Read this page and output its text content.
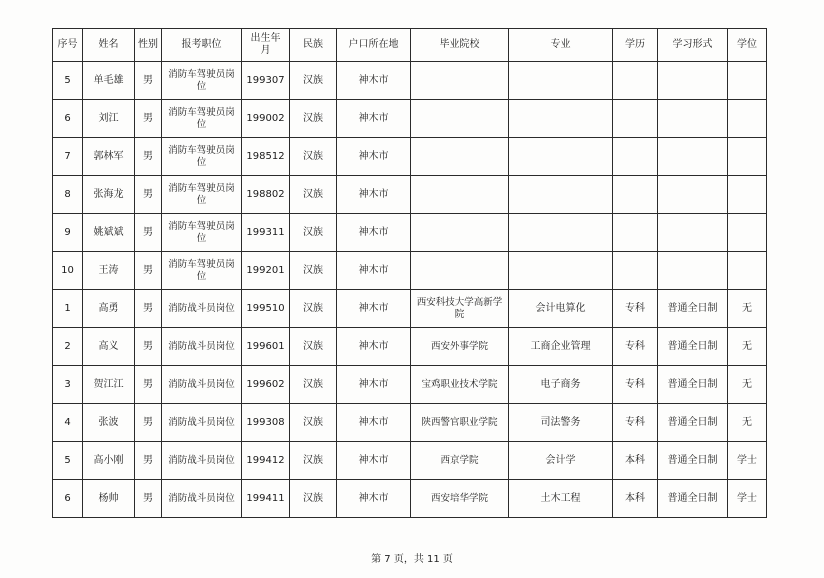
序号	姓名	性别	报考职位	出生年月	民族	户口所在地	毕业院校	专业	学历	学习形式	学位
5	单毛雄	男	消防车驾驶员岗位	199307	汉族	神木市					
6	刘江	男	消防车驾驶员岗位	199002	汉族	神木市					
7	郭林军	男	消防车驾驶员岗位	198512	汉族	神木市					
8	张海龙	男	消防车驾驶员岗位	198802	汉族	神木市					
9	姚斌斌	男	消防车驾驶员岗位	199311	汉族	神木市					
10	王涛	男	消防车驾驶员岗位	199201	汉族	神木市					
1	高勇	男	消防战斗员岗位	199510	汉族	神木市	西安科技大学高新学院	会计电算化	专科	普通全日制	无
2	高义	男	消防战斗员岗位	199601	汉族	神木市	西安外事学院	工商企业管理	专科	普通全日制	无
3	贺江江	男	消防战斗员岗位	199602	汉族	神木市	宝鸡职业技术学院	电子商务	专科	普通全日制	无
4	张波	男	消防战斗员岗位	199308	汉族	神木市	陕西警官职业学院	司法警务	专科	普通全日制	无
5	高小刚	男	消防战斗员岗位	199412	汉族	神木市	西京学院	会计学	本科	普通全日制	学士
6	杨帅	男	消防战斗员岗位	199411	汉族	神木市	西安培华学院	土木工程	本科	普通全日制	学士
第 7 页，共 11 页
